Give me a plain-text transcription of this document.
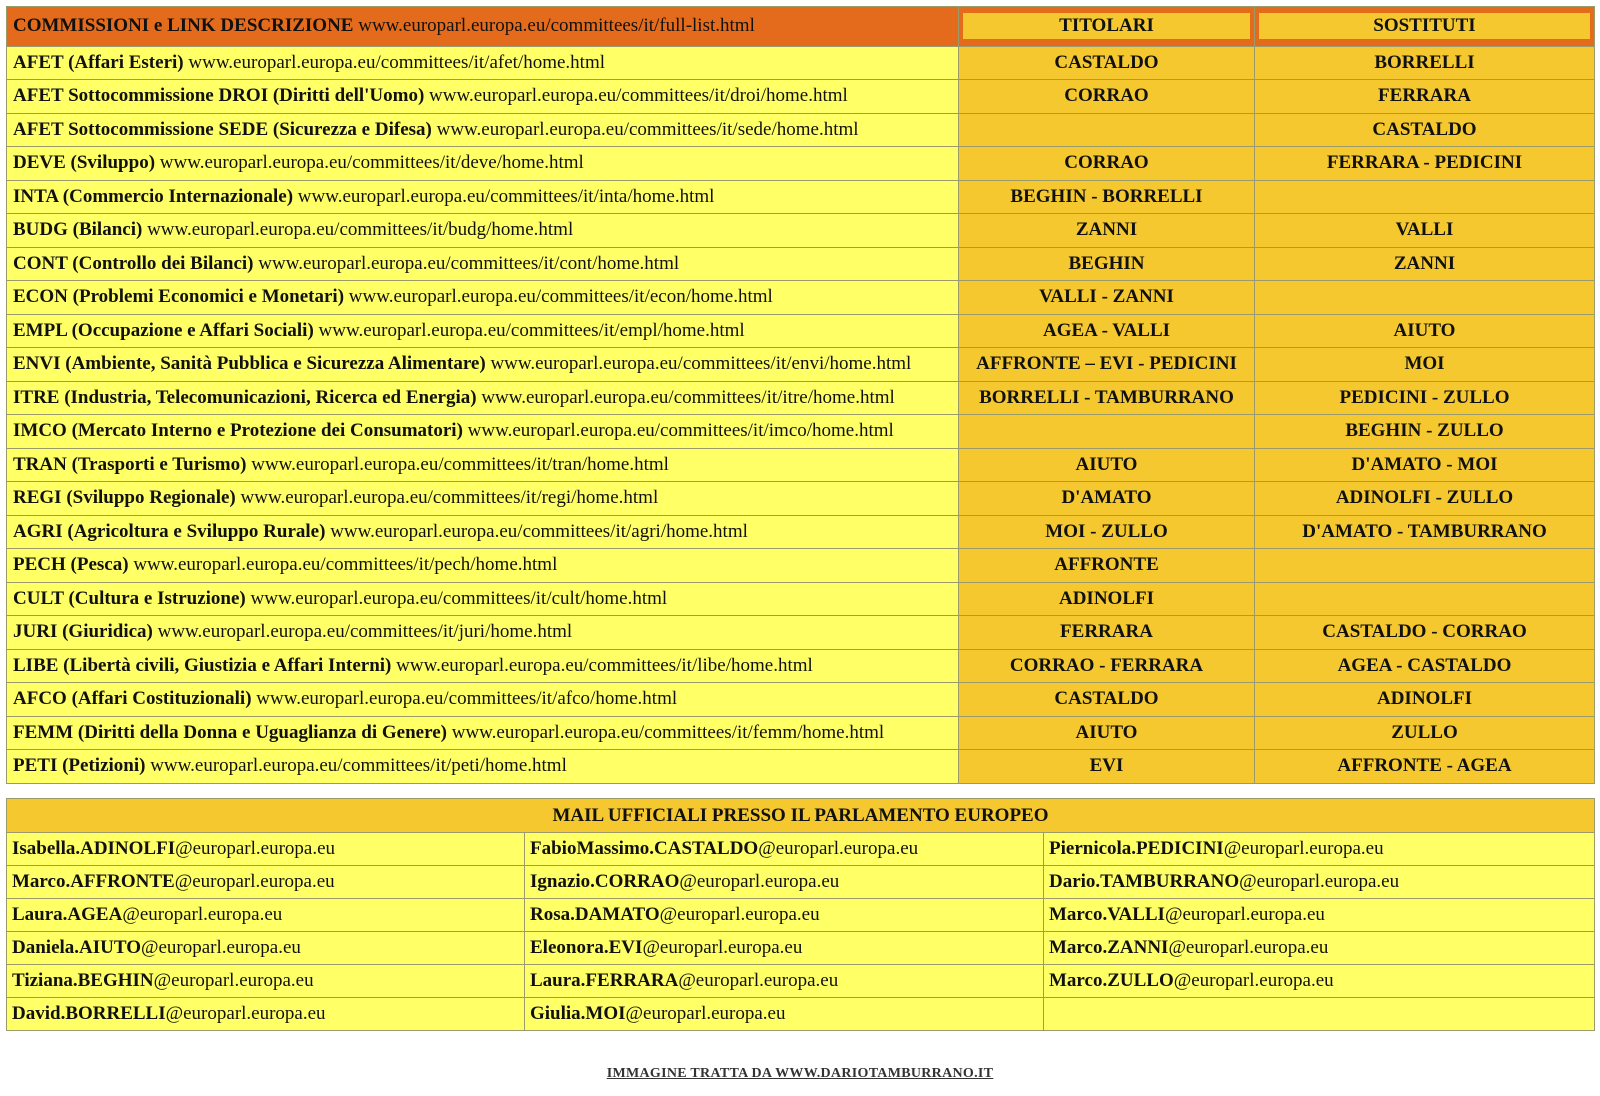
COMMISSIONI e LINK DESCRIZIONE www.europarl.europa.eu/committees/it/full-list.html	TITOLARI	SOSTITUTI

AFET (Affari Esteri) www.europarl.europa.eu/committees/it/afet/home.html	CASTALDO	BORRELLI
AFET Sottocommissione DROI (Diritti dell'Uomo) www.europarl.europa.eu/committees/it/droi/home.html	CORRAO	FERRARA
AFET Sottocommissione SEDE (Sicurezza e Difesa) www.europarl.europa.eu/committees/it/sede/home.html		CASTALDO
DEVE (Sviluppo) www.europarl.europa.eu/committees/it/deve/home.html	CORRAO	FERRARA - PEDICINI
INTA (Commercio Internazionale) www.europarl.europa.eu/committees/it/inta/home.html	BEGHIN - BORRELLI	
BUDG (Bilanci) www.europarl.europa.eu/committees/it/budg/home.html	ZANNI	VALLI
CONT (Controllo dei Bilanci) www.europarl.europa.eu/committees/it/cont/home.html	BEGHIN	ZANNI
ECON (Problemi Economici e Monetari) www.europarl.europa.eu/committees/it/econ/home.html	VALLI - ZANNI	
EMPL (Occupazione e Affari Sociali) www.europarl.europa.eu/committees/it/empl/home.html	AGEA - VALLI	AIUTO
ENVI (Ambiente, Sanità Pubblica e Sicurezza Alimentare) www.europarl.europa.eu/committees/it/envi/home.html	AFFRONTE – EVI - PEDICINI	MOI
ITRE (Industria, Telecomunicazioni, Ricerca ed Energia) www.europarl.europa.eu/committees/it/itre/home.html	BORRELLI - TAMBURRANO	PEDICINI - ZULLO
IMCO (Mercato Interno e Protezione dei Consumatori) www.europarl.europa.eu/committees/it/imco/home.html		BEGHIN - ZULLO
TRAN (Trasporti e Turismo) www.europarl.europa.eu/committees/it/tran/home.html	AIUTO	D'AMATO - MOI
REGI (Sviluppo Regionale) www.europarl.europa.eu/committees/it/regi/home.html	D'AMATO	ADINOLFI - ZULLO
AGRI (Agricoltura e Sviluppo Rurale) www.europarl.europa.eu/committees/it/agri/home.html	MOI - ZULLO	D'AMATO - TAMBURRANO
PECH (Pesca) www.europarl.europa.eu/committees/it/pech/home.html	AFFRONTE	
CULT (Cultura e Istruzione) www.europarl.europa.eu/committees/it/cult/home.html	ADINOLFI	
JURI (Giuridica) www.europarl.europa.eu/committees/it/juri/home.html	FERRARA	CASTALDO - CORRAO
LIBE (Libertà civili, Giustizia e Affari Interni) www.europarl.europa.eu/committees/it/libe/home.html	CORRAO - FERRARA	AGEA - CASTALDO
AFCO (Affari Costituzionali) www.europarl.europa.eu/committees/it/afco/home.html	CASTALDO	ADINOLFI
FEMM (Diritti della Donna e Uguaglianza di Genere) www.europarl.europa.eu/committees/it/femm/home.html	AIUTO	ZULLO
PETI (Petizioni) www.europarl.europa.eu/committees/it/peti/home.html	EVI	AFFRONTE - AGEA
MAIL UFFICIALI PRESSO IL PARLAMENTO EUROPEO		
Isabella.ADINOLFI@europarl.europa.eu	FabioMassimo.CASTALDO@europarl.europa.eu	Piernicola.PEDICINI@europarl.europa.eu
Marco.AFFRONTE@europarl.europa.eu	Ignazio.CORRAO@europarl.europa.eu	Dario.TAMBURRANO@europarl.europa.eu
Laura.AGEA@europarl.europa.eu	Rosa.DAMATO@europarl.europa.eu	Marco.VALLI@europarl.europa.eu
Daniela.AIUTO@europarl.europa.eu	Eleonora.EVI@europarl.europa.eu	Marco.ZANNI@europarl.europa.eu
Tiziana.BEGHIN@europarl.europa.eu	Laura.FERRARA@europarl.europa.eu	Marco.ZULLO@europarl.europa.eu
David.BORRELLI@europarl.europa.eu	Giulia.MOI@europarl.europa.eu	
IMMAGINE TRATTA DA WWW.DARIOTAMBURRANO.IT
